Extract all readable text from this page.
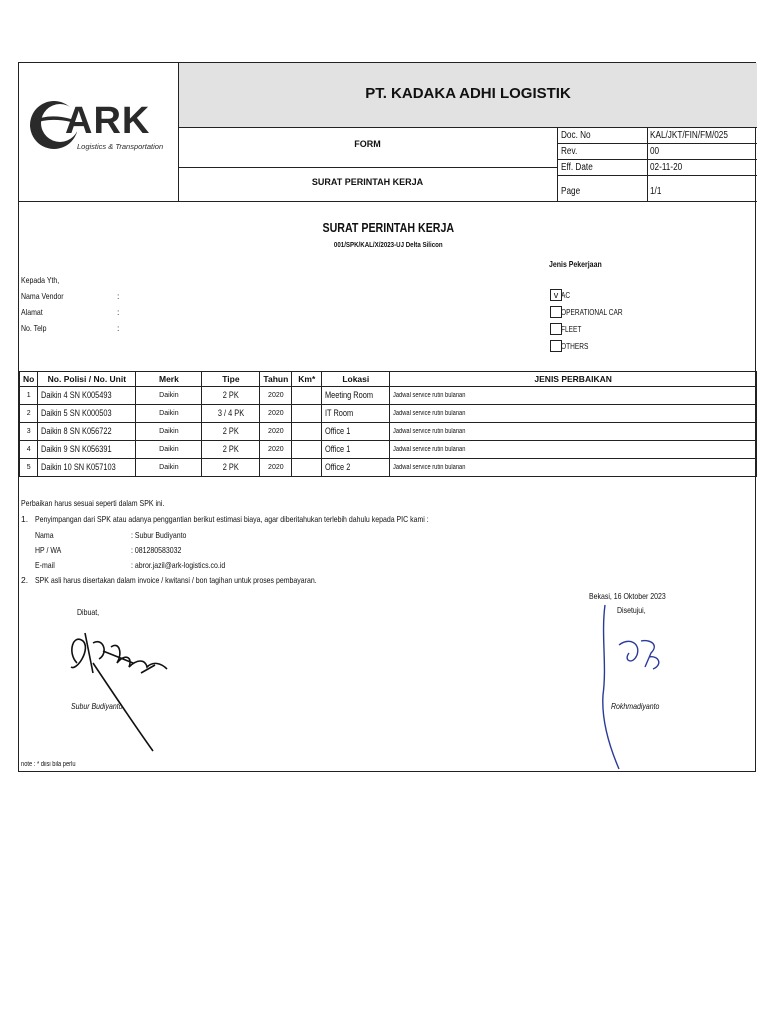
PT. KADAKA ADHI LOGISTIK
ARK
Logistics & Transportation	FORM
SURAT PERINTAH KERJA
Doc. No	KAL/JKT/FIN/FM/025
Rev.	00
Eff. Date	02-11-20
Page	1/1
SURAT PERINTAH KERJA
001/SPK/KAL/X/2023-UJ Delta Silicon
Kepada Yth,
Nama Vendor	:
Alamat	:
No. Telp	:
Jenis Pekerjaan
v AC
OPERATIONAL CAR
FLEET
OTHERS
No	No. Polisi / No. Unit	Merk	Tipe	Tahun	Km*	Lokasi	JENIS PERBAIKAN
1	Daikin 4 SN K005493	Daikin	2 PK	2020		Meeting Room	Jadwal service rutin bulanan
2	Daikin 5 SN K000503	Daikin	3 / 4 PK	2020		IT Room	Jadwal service rutin bulanan
3	Daikin 8 SN K056722	Daikin	2 PK	2020		Office 1	Jadwal service rutin bulanan
4	Daikin 9 SN K056391	Daikin	2 PK	2020		Office 1	Jadwal service rutin bulanan
5	Daikin 10 SN K057103	Daikin	2 PK	2020		Office 2	Jadwal service rutin bulanan
Perbaikan harus sesuai seperti dalam SPK ini.
1. Penyimpangan dari SPK atau adanya penggantian berikut estimasi biaya, agar diberitahukan terlebih dahulu kepada PIC kami :
Nama	: Subur Budiyanto
HP / WA	: 081280583032
E-mail	: abror.jazil@ark-logistics.co.id
2. SPK asli harus disertakan dalam invoice / kwitansi / bon tagihan untuk proses pembayaran.
Bekasi, 16 Oktober 2023
Dibuat,	Disetujui,
Subur Budiyanto	Rokhmadiyanto
note : * diisi bila perlu
